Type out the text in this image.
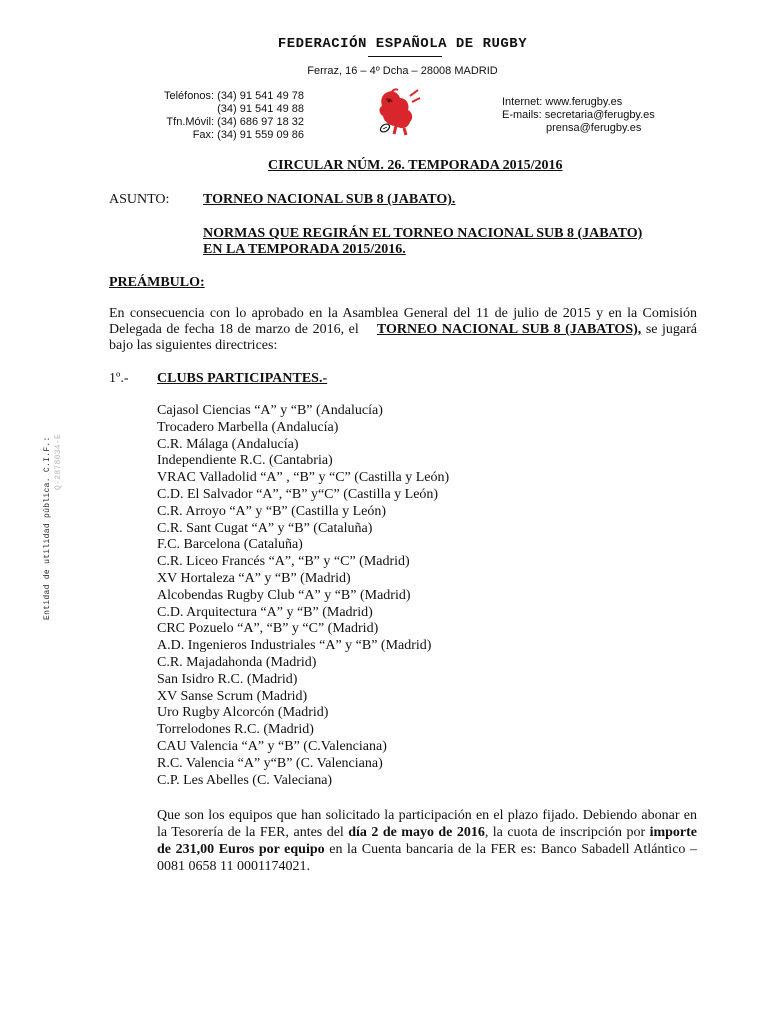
FEDERACIÓN ESPAÑOLA DE RUGBY
Ferraz, 16 – 4º Dcha – 28008 MADRID
Teléfonos: (34) 91 541 49 78
(34) 91 541 49 88
Tfn.Móvil: (34) 686 97 18 32
Fax: (34) 91 559 09 86
Internet: www.ferugby.es
E-mails: secretaria@ferugby.es
prensa@ferugby.es
CIRCULAR NÚM. 26. TEMPORADA 2015/2016
ASUNTO: TORNEO NACIONAL SUB 8 (JABATO).
NORMAS QUE REGIRÁN EL TORNEO NACIONAL SUB 8 (JABATO)
EN LA TEMPORADA 2015/2016.
PREÁMBULO:
En consecuencia con lo aprobado en la Asamblea General del 11 de julio de 2015 y en la Comisión Delegada de fecha 18 de marzo de 2016, el TORNEO NACIONAL SUB 8 (JABATOS), se jugará bajo las siguientes directrices:
1º.- CLUBS PARTICIPANTES.-
Cajasol Ciencias “A” y “B” (Andalucía)
Trocadero Marbella (Andalucía)
C.R. Málaga (Andalucía)
Independiente R.C. (Cantabria)
VRAC Valladolid “A” , “B” y “C” (Castilla y León)
C.D. El Salvador “A”, “B” y“C” (Castilla y León)
C.R. Arroyo “A” y “B” (Castilla y León)
C.R. Sant Cugat “A” y “B” (Cataluña)
F.C. Barcelona (Cataluña)
C.R. Liceo Francés “A”, “B” y “C” (Madrid)
XV Hortaleza “A” y “B” (Madrid)
Alcobendas Rugby Club “A” y “B” (Madrid)
C.D. Arquitectura “A” y “B” (Madrid)
CRC Pozuelo “A”, “B” y “C” (Madrid)
A.D. Ingenieros Industriales “A” y “B” (Madrid)
C.R. Majadahonda (Madrid)
San Isidro R.C. (Madrid)
XV Sanse Scrum (Madrid)
Uro Rugby Alcorcón (Madrid)
Torrelodones R.C. (Madrid)
CAU Valencia “A” y “B” (C.Valenciana)
R.C. Valencia “A” y“B” (C. Valenciana)
C.P. Les Abelles (C. Valeciana)
Que son los equipos que han solicitado la participación en el plazo fijado. Debiendo abonar en la Tesorería de la FER, antes del día 2 de mayo de 2016, la cuota de inscripción por importe de 231,00 Euros por equipo en la Cuenta bancaria de la FER es: Banco Sabadell Atlántico – 0081 0658 11 0001174021.
Entidad de utilidad pública. C.I.F.: Q-2878034-E
